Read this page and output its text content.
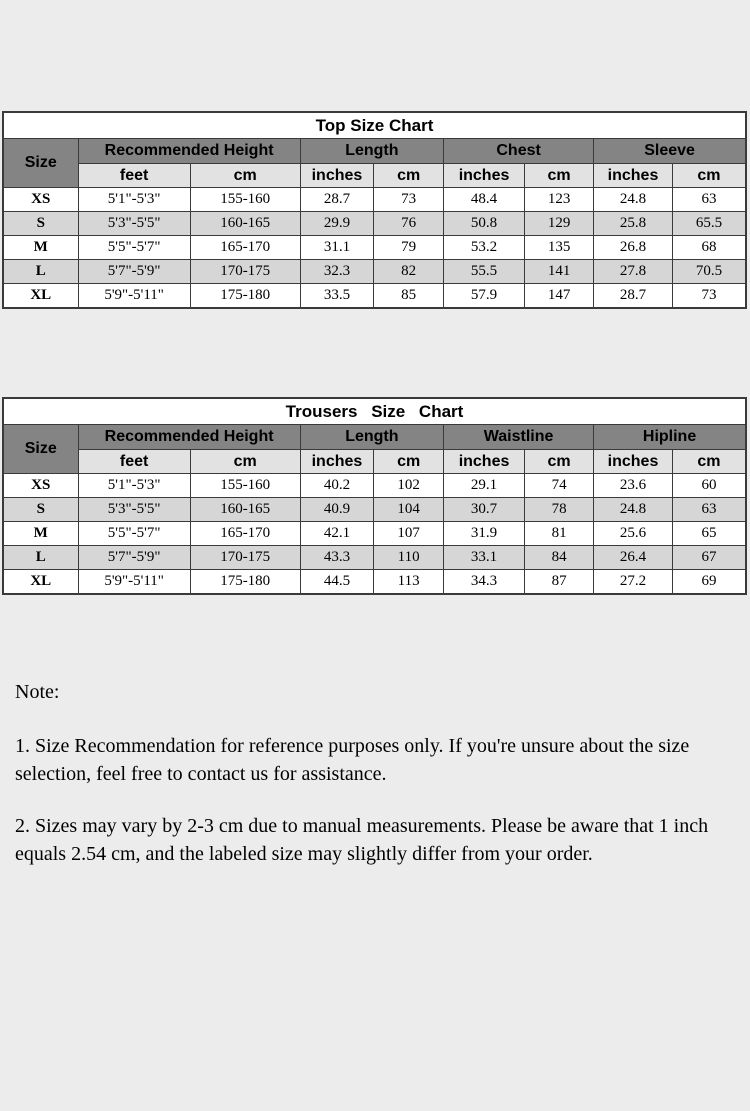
Top Size Chart								
Size	Recommended Height		Length		Chest		Sleeve	
	feet	cm	inches	cm	inches	cm	inches	cm
XS	5'1"-5'3"	155-160	28.7	73	48.4	123	24.8	63
S	5'3"-5'5"	160-165	29.9	76	50.8	129	25.8	65.5
M	5'5"-5'7"	165-170	31.1	79	53.2	135	26.8	68
L	5'7"-5'9"	170-175	32.3	82	55.5	141	27.8	70.5
XL	5'9"-5'11"	175-180	33.5	85	57.9	147	28.7	73
Trousers Size Chart								
Size	Recommended Height		Length		Waistline		Hipline	
	feet	cm	inches	cm	inches	cm	inches	cm
XS	5'1"-5'3"	155-160	40.2	102	29.1	74	23.6	60
S	5'3"-5'5"	160-165	40.9	104	30.7	78	24.8	63
M	5'5"-5'7"	165-170	42.1	107	31.9	81	25.6	65
L	5'7"-5'9"	170-175	43.3	110	33.1	84	26.4	67
XL	5'9"-5'11"	175-180	44.5	113	34.3	87	27.2	69

Note:

1. Size Recommendation for reference purposes only. If you're unsure about the size selection, feel free to contact us for assistance.

2. Sizes may vary by 2-3 cm due to manual measurements. Please be aware that 1 inch equals 2.54 cm, and the labeled size may slightly differ from your order.
